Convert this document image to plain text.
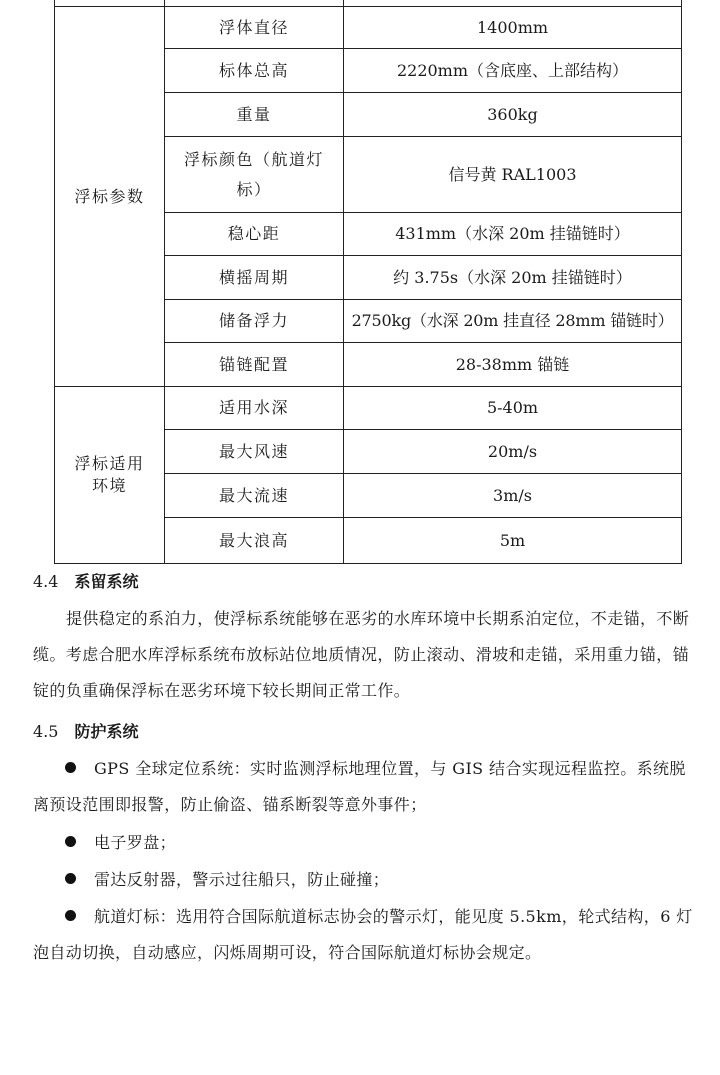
浮标参数	浮体直径	1400mm
	标体总高	2220mm（含底座、上部结构）
	重量	360kg
	浮标颜色（航道灯标）	信号黄 RAL1003
	稳心距	431mm（水深 20m 挂锚链时）
	横摇周期	约 3.75s（水深 20m 挂锚链时）
	储备浮力	2750kg（水深 20m 挂直径 28mm 锚链时）
	锚链配置	28-38mm 锚链
浮标适用环境	适用水深	5-40m
	最大风速	20m/s
	最大流速	3m/s
	最大浪高	5m
4.4 系留系统
提供稳定的系泊力，使浮标系统能够在恶劣的水库环境中长期系泊定位，不走锚，不断缆。考虑合肥水库浮标系统布放标站位地质情况，防止滚动、滑坡和走锚，采用重力锚，锚锭的负重确保浮标在恶劣环境下较长期间正常工作。
4.5 防护系统
GPS 全球定位系统：实时监测浮标地理位置，与 GIS 结合实现远程监控。系统脱离预设范围即报警，防止偷盗、锚系断裂等意外事件；
电子罗盘；
雷达反射器，警示过往船只，防止碰撞；
航道灯标：选用符合国际航道标志协会的警示灯，能见度 5.5km，轮式结构，6 灯泡自动切换，自动感应，闪烁周期可设，符合国际航道灯标协会规定。
